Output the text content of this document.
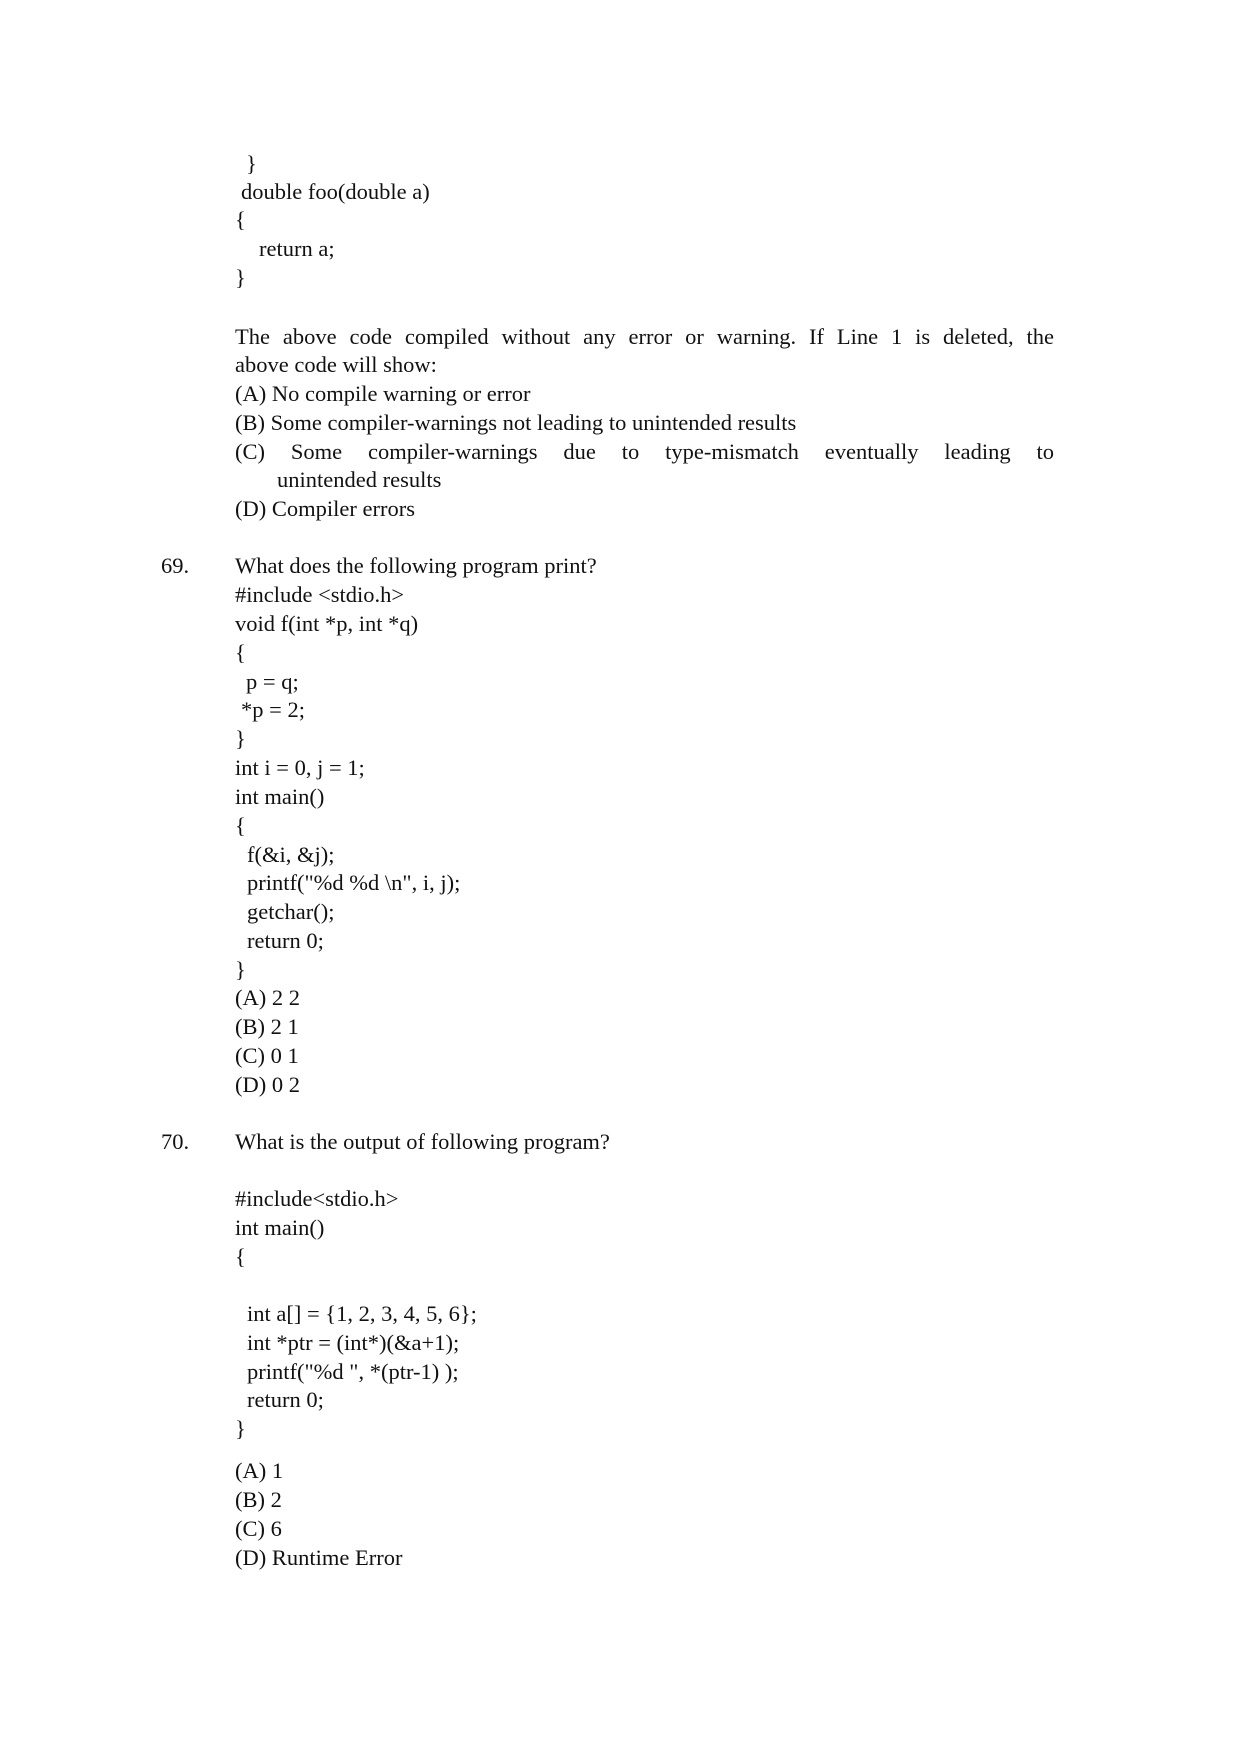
}
double foo(double a)
{
return a;
}
The above code compiled without any error or warning. If Line 1 is deleted, the
above code will show:
(A) No compile warning or error
(B) Some compiler-warnings not leading to unintended results
(C) Some compiler-warnings due to type-mismatch eventually leading to
unintended results
(D) Compiler errors
69. What does the following program print?
#include <stdio.h>
void f(int *p, int *q)
{
p = q;
*p = 2;
}
int i = 0, j = 1;
int main()
{
f(&i, &j);
printf("%d %d \n", i, j);
getchar();
return 0;
}
(A) 2 2
(B) 2 1
(C) 0 1
(D) 0 2
70. What is the output of following program?
#include<stdio.h>
int main()
{
int a[] = {1, 2, 3, 4, 5, 6};
int *ptr = (int*)(&a+1);
printf("%d ", *(ptr-1) );
return 0;
}
(A) 1
(B) 2
(C) 6
(D) Runtime Error
